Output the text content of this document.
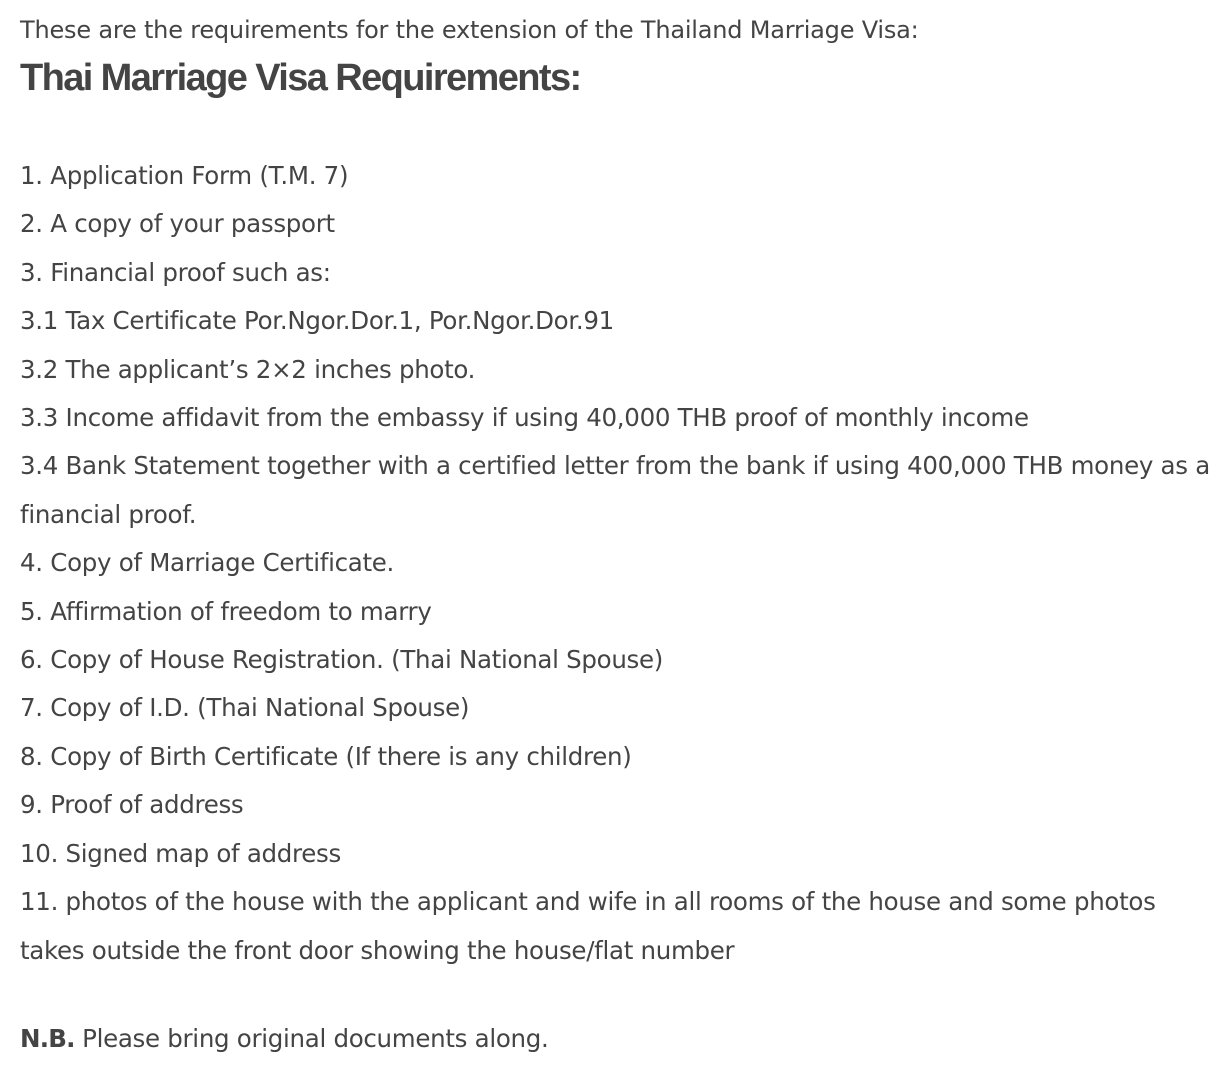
These are the requirements for the extension of the Thailand Marriage Visa:

Thai Marriage Visa Requirements:
1. Application Form (T.M. 7)
2. A copy of your passport
3. Financial proof such as:
3.1 Tax Certificate Por.Ngor.Dor.1, Por.Ngor.Dor.91
3.2 The applicant’s 2×2 inches photo.
3.3 Income affidavit from the embassy if using 40,000 THB proof of monthly income
3.4 Bank Statement together with a certified letter from the bank if using 400,000 THB money as a financial proof.
4. Copy of Marriage Certificate.
5. Affirmation of freedom to marry
6. Copy of House Registration. (Thai National Spouse)
7. Copy of I.D. (Thai National Spouse)
8. Copy of Birth Certificate (If there is any children)
9. Proof of address
10. Signed map of address
11. photos of the house with the applicant and wife in all rooms of the house and some photos takes outside the front door showing the house/flat number

N.B. Please bring original documents along.
